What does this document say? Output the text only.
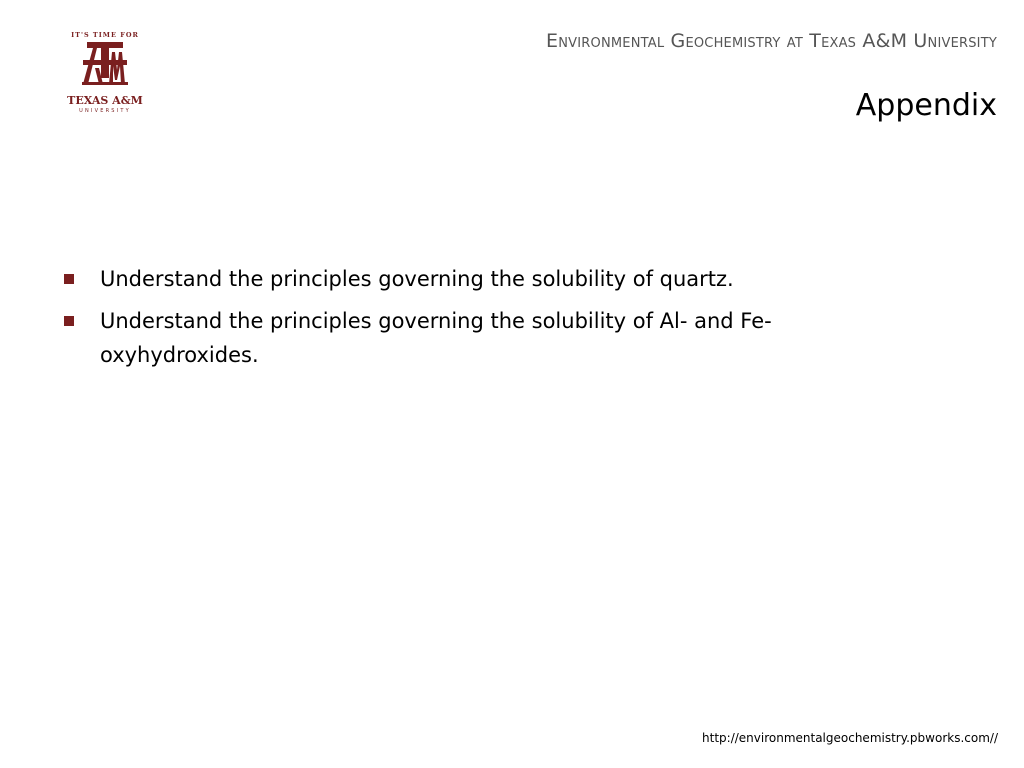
IT'S TIME FOR
TEXAS A&M
UNIVERSITY
Environmental Geochemistry at Texas A&M University
Appendix
Understand the principles governing the solubility of quartz.
Understand the principles governing the solubility of Al- and Fe-oxyhydroxides.
http://environmentalgeochemistry.pbworks.com//
